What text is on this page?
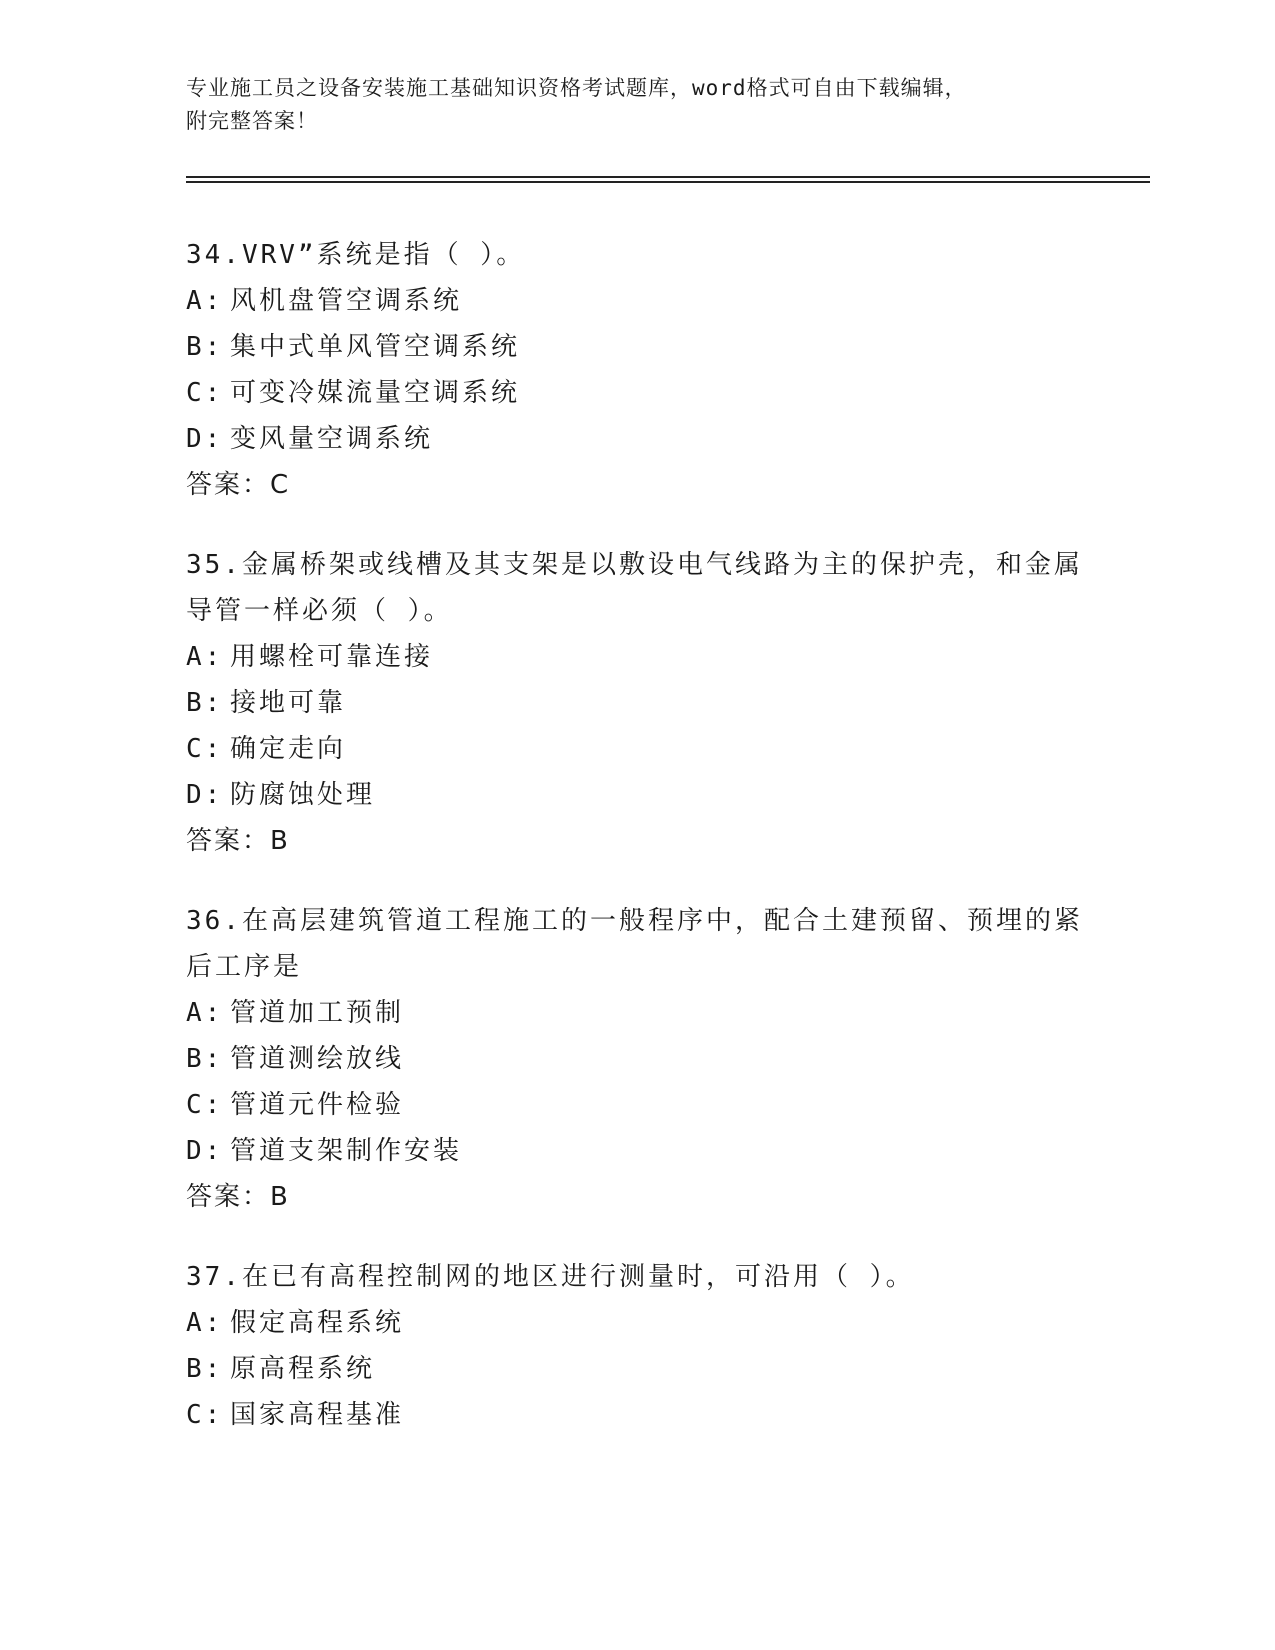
专业施工员之设备安装施工基础知识资格考试题库，word格式可自由下载编辑，
附完整答案！
34.VRV”系统是指（ ）。
A: 风机盘管空调系统
B: 集中式单风管空调系统
C: 可变冷媒流量空调系统
D: 变风量空调系统
答案：C
35.金属桥架或线槽及其支架是以敷设电气线路为主的保护壳，和金属
导管一样必须（ ）。
A: 用螺栓可靠连接
B: 接地可靠
C: 确定走向
D: 防腐蚀处理
答案：B
36.在高层建筑管道工程施工的一般程序中，配合土建预留、预埋的紧
后工序是
A: 管道加工预制
B: 管道测绘放线
C: 管道元件检验
D: 管道支架制作安装
答案：B
37.在已有高程控制网的地区进行测量时，可沿用（ ）。
A: 假定高程系统
B: 原高程系统
C: 国家高程基准
